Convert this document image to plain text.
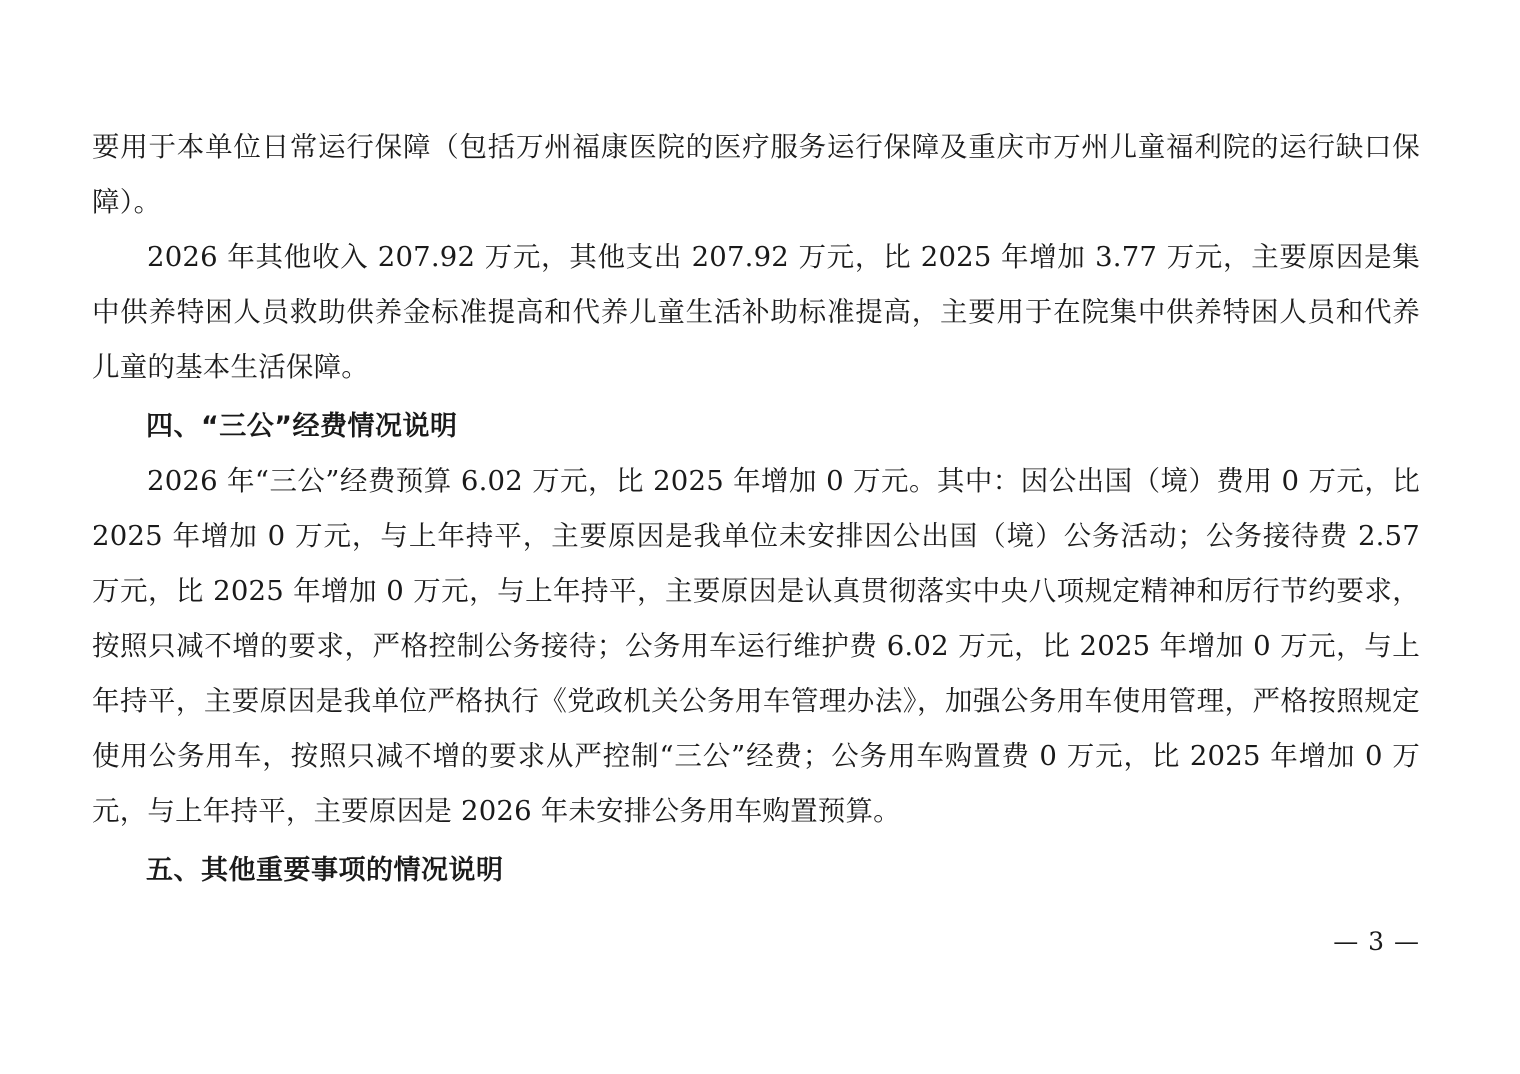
要用于本单位日常运行保障（包括万州福康医院的医疗服务运行保障及重庆市万州儿童福利院的运行缺口保障）。

2026 年其他收入 207.92 万元，其他支出 207.92 万元，比 2025 年增加 3.77 万元，主要原因是集中供养特困人员救助供养金标准提高和代养儿童生活补助标准提高，主要用于在院集中供养特困人员和代养儿童的基本生活保障。

四、“三公”经费情况说明

2026 年“三公”经费预算 6.02 万元，比 2025 年增加 0 万元。其中：因公出国（境）费用 0 万元，比 2025 年增加 0 万元，与上年持平，主要原因是我单位未安排因公出国（境）公务活动；公务接待费 2.57 万元，比 2025 年增加 0 万元，与上年持平，主要原因是认真贯彻落实中央八项规定精神和厉行节约要求，按照只减不增的要求，严格控制公务接待；公务用车运行维护费 6.02 万元，比 2025 年增加 0 万元，与上年持平，主要原因是我单位严格执行《党政机关公务用车管理办法》，加强公务用车使用管理，严格按照规定使用公务用车，按照只减不增的要求从严控制“三公”经费；公务用车购置费 0 万元，比 2025 年增加 0 万元，与上年持平，主要原因是 2026 年未安排公务用车购置预算。

五、其他重要事项的情况说明
— 3 —
